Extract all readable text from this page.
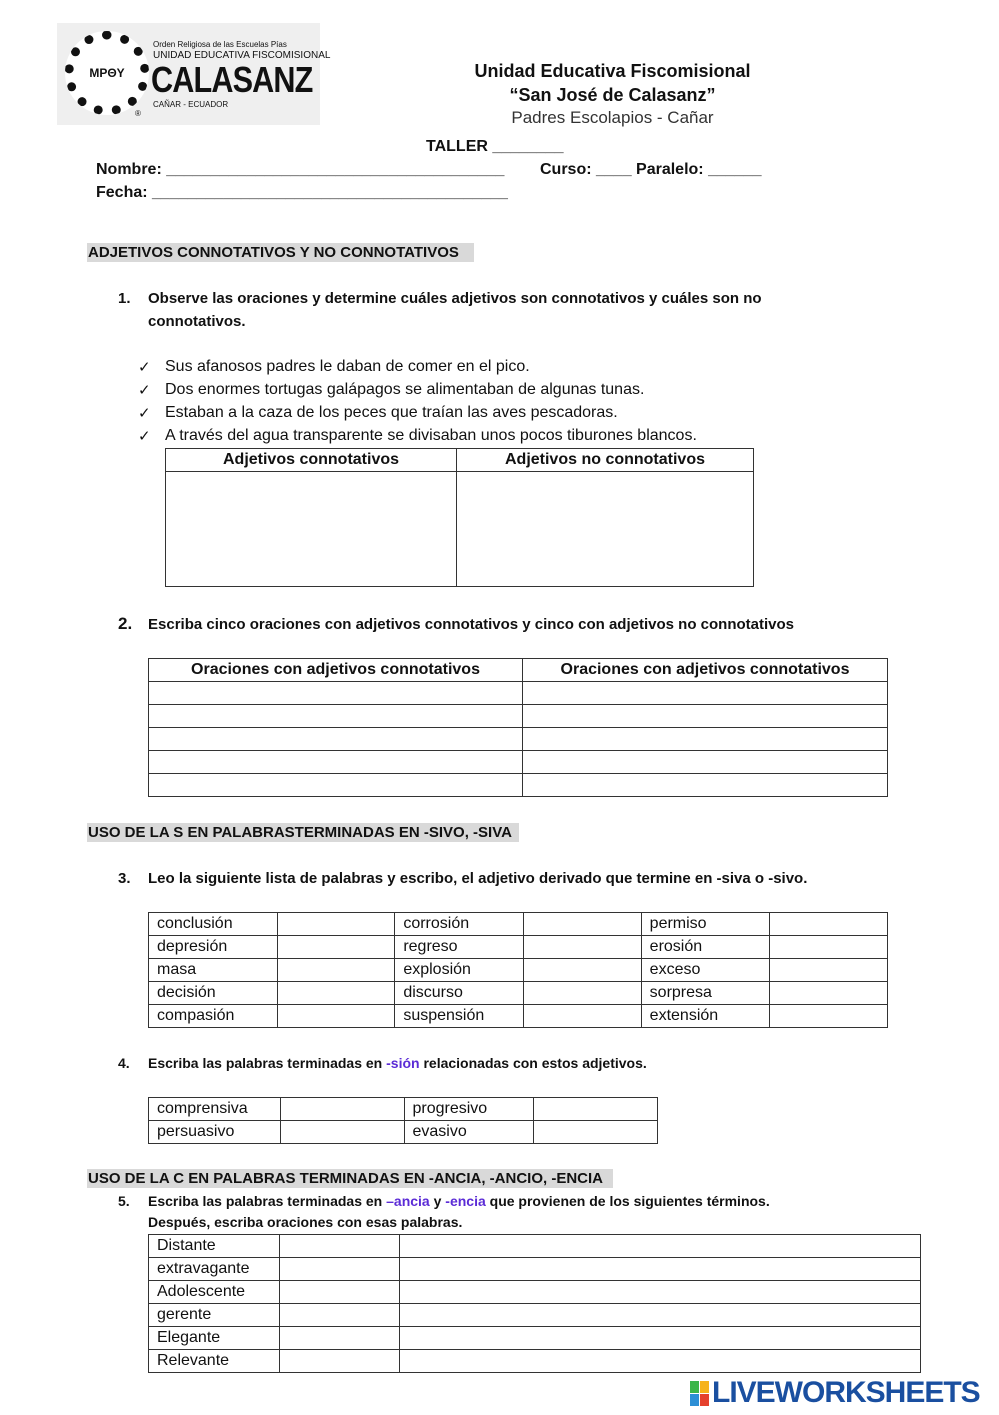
MPΘY
Orden Religiosa de las Escuelas Pías
UNIDAD EDUCATIVA FISCOMISIONAL
CALASANZ
CAÑAR - ECUADOR
®
Unidad Educativa Fiscomisional
“San José de Calasanz”
Padres Escolapios - Cañar
TALLER ________
Nombre: ______________________________________ Curso: ____ Paralelo: ______
Fecha: ________________________________________
ADJETIVOS CONNOTATIVOS Y NO CONNOTATIVOS
1. Observe las oraciones y determine cuáles adjetivos son connotativos y cuáles son no
connotativos.
✓ Sus afanosos padres le daban de comer en el pico.
✓ Dos enormes tortugas galápagos se alimentaban de algunas tunas.
✓ Estaban a la caza de los peces que traían las aves pescadoras.
✓ A través del agua transparente se divisaban unos pocos tiburones blancos.
Adjetivos connotativos	Adjetivos no connotativos

2. Escriba cinco oraciones con adjetivos connotativos y cinco con adjetivos no connotativos
Oraciones con adjetivos connotativos	Oraciones con adjetivos connotativos

USO DE LA S EN PALABRASTERMINADAS EN -SIVO, -SIVA
3. Leo la siguiente lista de palabras y escribo, el adjetivo derivado que termine en -siva o -sivo.
conclusión		corrosión		permiso	
depresión		regreso		erosión	
masa		explosión		exceso	
decisión		discurso		sorpresa	
compasión		suspensión		extensión	
4. Escriba las palabras terminadas en -sión relacionadas con estos adjetivos.
comprensiva		progresivo	
persuasivo		evasivo	
USO DE LA C EN PALABRAS TERMINADAS EN -ANCIA, -ANCIO, -ENCIA
5. Escriba las palabras terminadas en –ancia y -encia que provienen de los siguientes términos.
Después, escriba oraciones con esas palabras.
Distante		
extravagante		
Adolescente		
gerente		
Elegante		
Relevante		
LIVEWORKSHEETS
